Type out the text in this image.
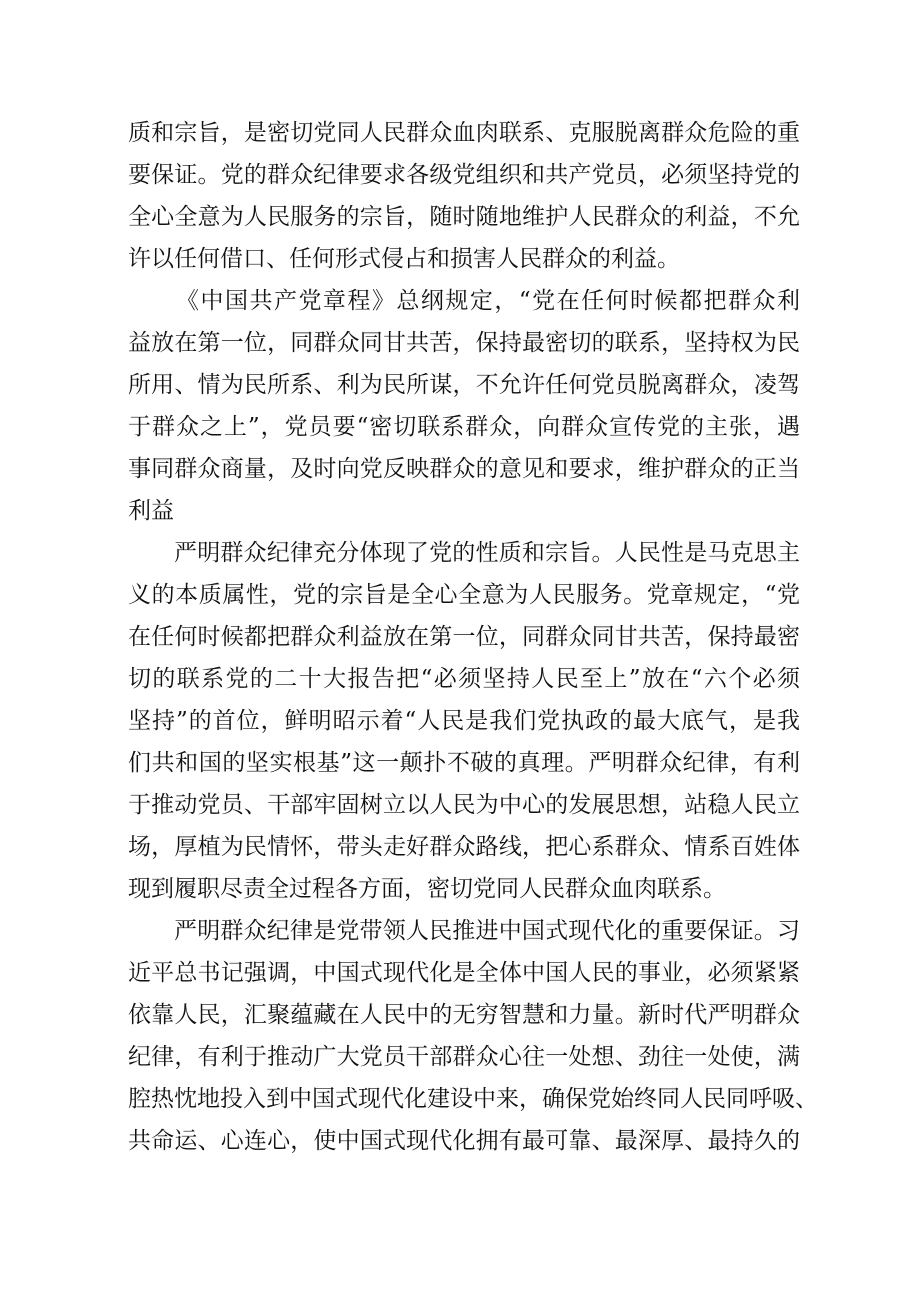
质和宗旨，是密切党同人民群众血肉联系、克服脱离群众危险的重
要保证。党的群众纪律要求各级党组织和共产党员，必须坚持党的
全心全意为人民服务的宗旨，随时随地维护人民群众的利益，不允
许以任何借口、任何形式侵占和损害人民群众的利益。
《中国共产党章程》总纲规定，“党在任何时候都把群众利
益放在第一位，同群众同甘共苦，保持最密切的联系，坚持权为民
所用、情为民所系、利为民所谋，不允许任何党员脱离群众，凌驾
于群众之上”，党员要“密切联系群众，向群众宣传党的主张，遇
事同群众商量，及时向党反映群众的意见和要求，维护群众的正当
利益
严明群众纪律充分体现了党的性质和宗旨。人民性是马克思主
义的本质属性，党的宗旨是全心全意为人民服务。党章规定，“党
在任何时候都把群众利益放在第一位，同群众同甘共苦，保持最密
切的联系党的二十大报告把“必须坚持人民至上”放在“六个必须
坚持”的首位，鲜明昭示着“人民是我们党执政的最大底气，是我
们共和国的坚实根基”这一颠扑不破的真理。严明群众纪律，有利
于推动党员、干部牢固树立以人民为中心的发展思想，站稳人民立
场，厚植为民情怀，带头走好群众路线，把心系群众、情系百姓体
现到履职尽责全过程各方面，密切党同人民群众血肉联系。
严明群众纪律是党带领人民推进中国式现代化的重要保证。习
近平总书记强调，中国式现代化是全体中国人民的事业，必须紧紧
依靠人民，汇聚蕴藏在人民中的无穷智慧和力量。新时代严明群众
纪律，有利于推动广大党员干部群众心往一处想、劲往一处使，满
腔热忱地投入到中国式现代化建设中来，确保党始终同人民同呼吸、
共命运、心连心，使中国式现代化拥有最可靠、最深厚、最持久的
